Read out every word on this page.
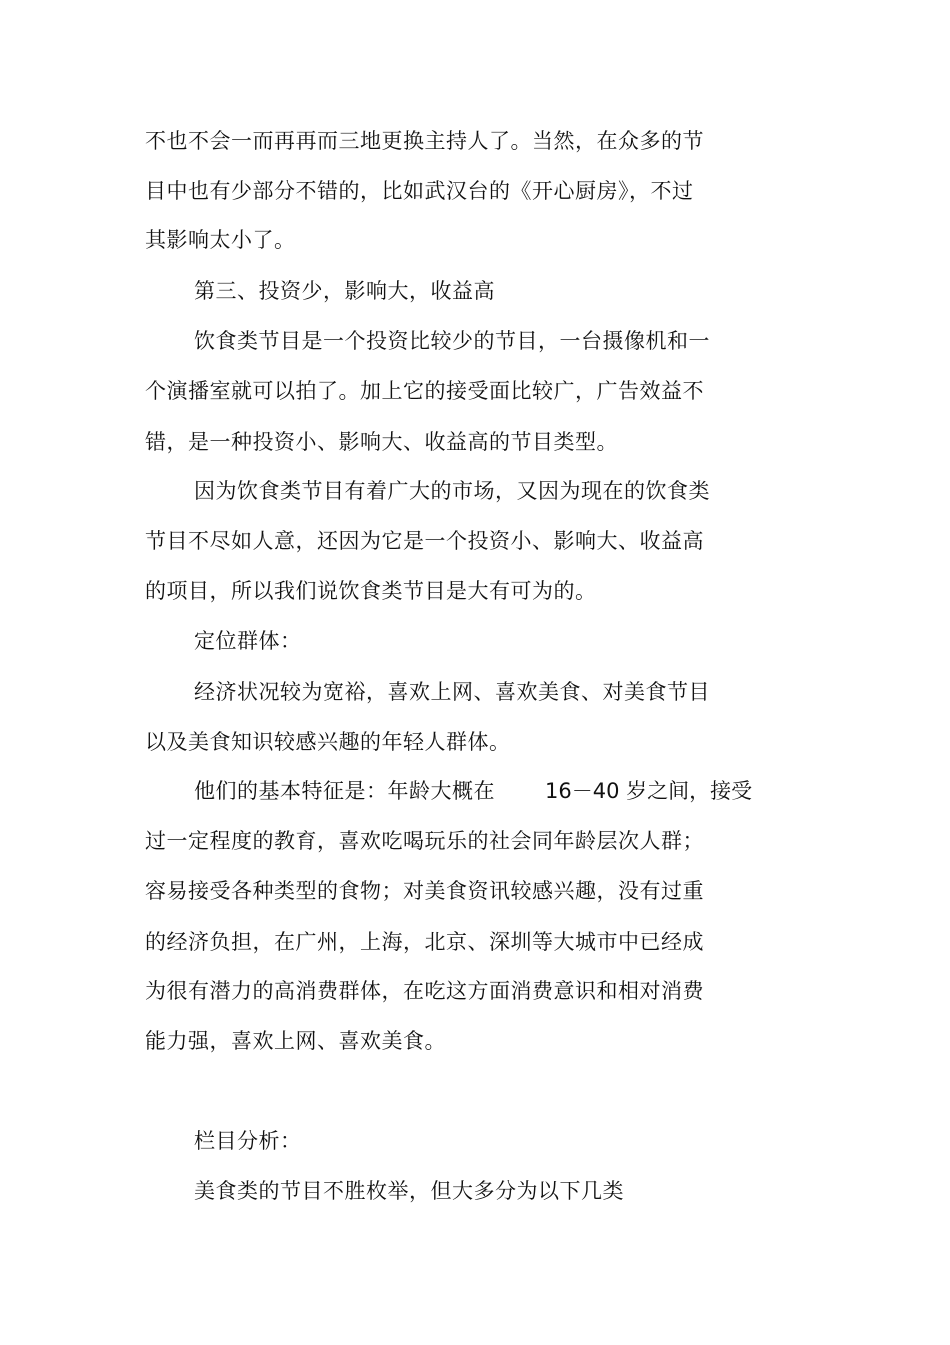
不也不会一而再再而三地更换主持人了。当然，在众多的节
目中也有少部分不错的，比如武汉台的《开心厨房》，不过
其影响太小了。
第三、投资少，影响大，收益高
饮食类节目是一个投资比较少的节目，一台摄像机和一
个演播室就可以拍了。加上它的接受面比较广，广告效益不
错，是一种投资小、影响大、收益高的节目类型。
因为饮食类节目有着广大的市场，又因为现在的饮食类
节目不尽如人意，还因为它是一个投资小、影响大、收益高
的项目，所以我们说饮食类节目是大有可为的。
定位群体：
经济状况较为宽裕，喜欢上网、喜欢美食、对美食节目
以及美食知识较感兴趣的年轻人群体。
他们的基本特征是：年龄大概在 16－40 岁之间，接受
过一定程度的教育，喜欢吃喝玩乐的社会同年龄层次人群；
容易接受各种类型的食物；对美食资讯较感兴趣，没有过重
的经济负担，在广州，上海，北京、深圳等大城市中已经成
为很有潜力的高消费群体，在吃这方面消费意识和相对消费
能力强，喜欢上网、喜欢美食。
栏目分析：
美食类的节目不胜枚举，但大多分为以下几类
